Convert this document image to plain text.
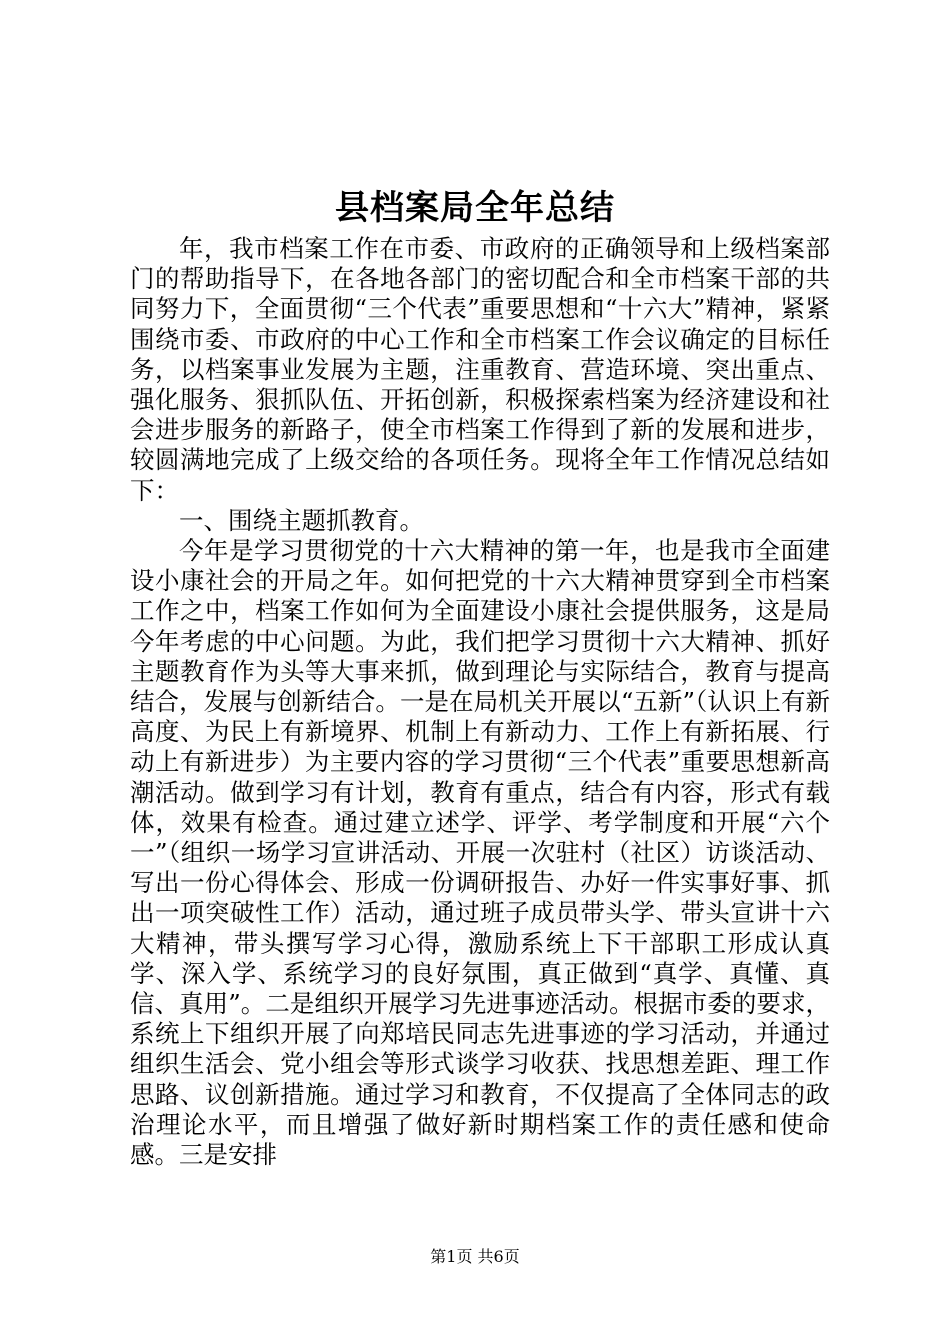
县档案局全年总结

年，我市档案工作在市委、市政府的正确领导和上级档案部门的帮助指导下，在各地各部门的密切配合和全市档案干部的共同努力下，全面贯彻“三个代表”重要思想和“十六大”精神，紧紧围绕市委、市政府的中心工作和全市档案工作会议确定的目标任务，以档案事业发展为主题，注重教育、营造环境、突出重点、强化服务、狠抓队伍、开拓创新，积极探索档案为经济建设和社会进步服务的新路子，使全市档案工作得到了新的发展和进步，较圆满地完成了上级交给的各项任务。现将全年工作情况总结如下：

一、围绕主题抓教育。

今年是学习贯彻党的十六大精神的第一年，也是我市全面建设小康社会的开局之年。如何把党的十六大精神贯穿到全市档案工作之中，档案工作如何为全面建设小康社会提供服务，这是局今年考虑的中心问题。为此，我们把学习贯彻十六大精神、抓好主题教育作为头等大事来抓，做到理论与实际结合，教育与提高结合，发展与创新结合。一是在局机关开展以“五新”（认识上有新高度、为民上有新境界、机制上有新动力、工作上有新拓展、行动上有新进步）为主要内容的学习贯彻“三个代表”重要思想新高潮活动。做到学习有计划，教育有重点，结合有内容，形式有载体，效果有检查。通过建立述学、评学、考学制度和开展“六个一”（组织一场学习宣讲活动、开展一次驻村（社区）访谈活动、写出一份心得体会、形成一份调研报告、办好一件实事好事、抓出一项突破性工作）活动，通过班子成员带头学、带头宣讲十六大精神，带头撰写学习心得，激励系统上下干部职工形成认真学、深入学、系统学习的良好氛围，真正做到“真学、真懂、真信、真用”。二是组织开展学习先进事迹活动。根据市委的要求，系统上下组织开展了向郑培民同志先进事迹的学习活动，并通过组织生活会、党小组会等形式谈学习收获、找思想差距、理工作思路、议创新措施。通过学习和教育，不仅提高了全体同志的政治理论水平，而且增强了做好新时期档案工作的责任感和使命感。三是安排

第1页 共6页
